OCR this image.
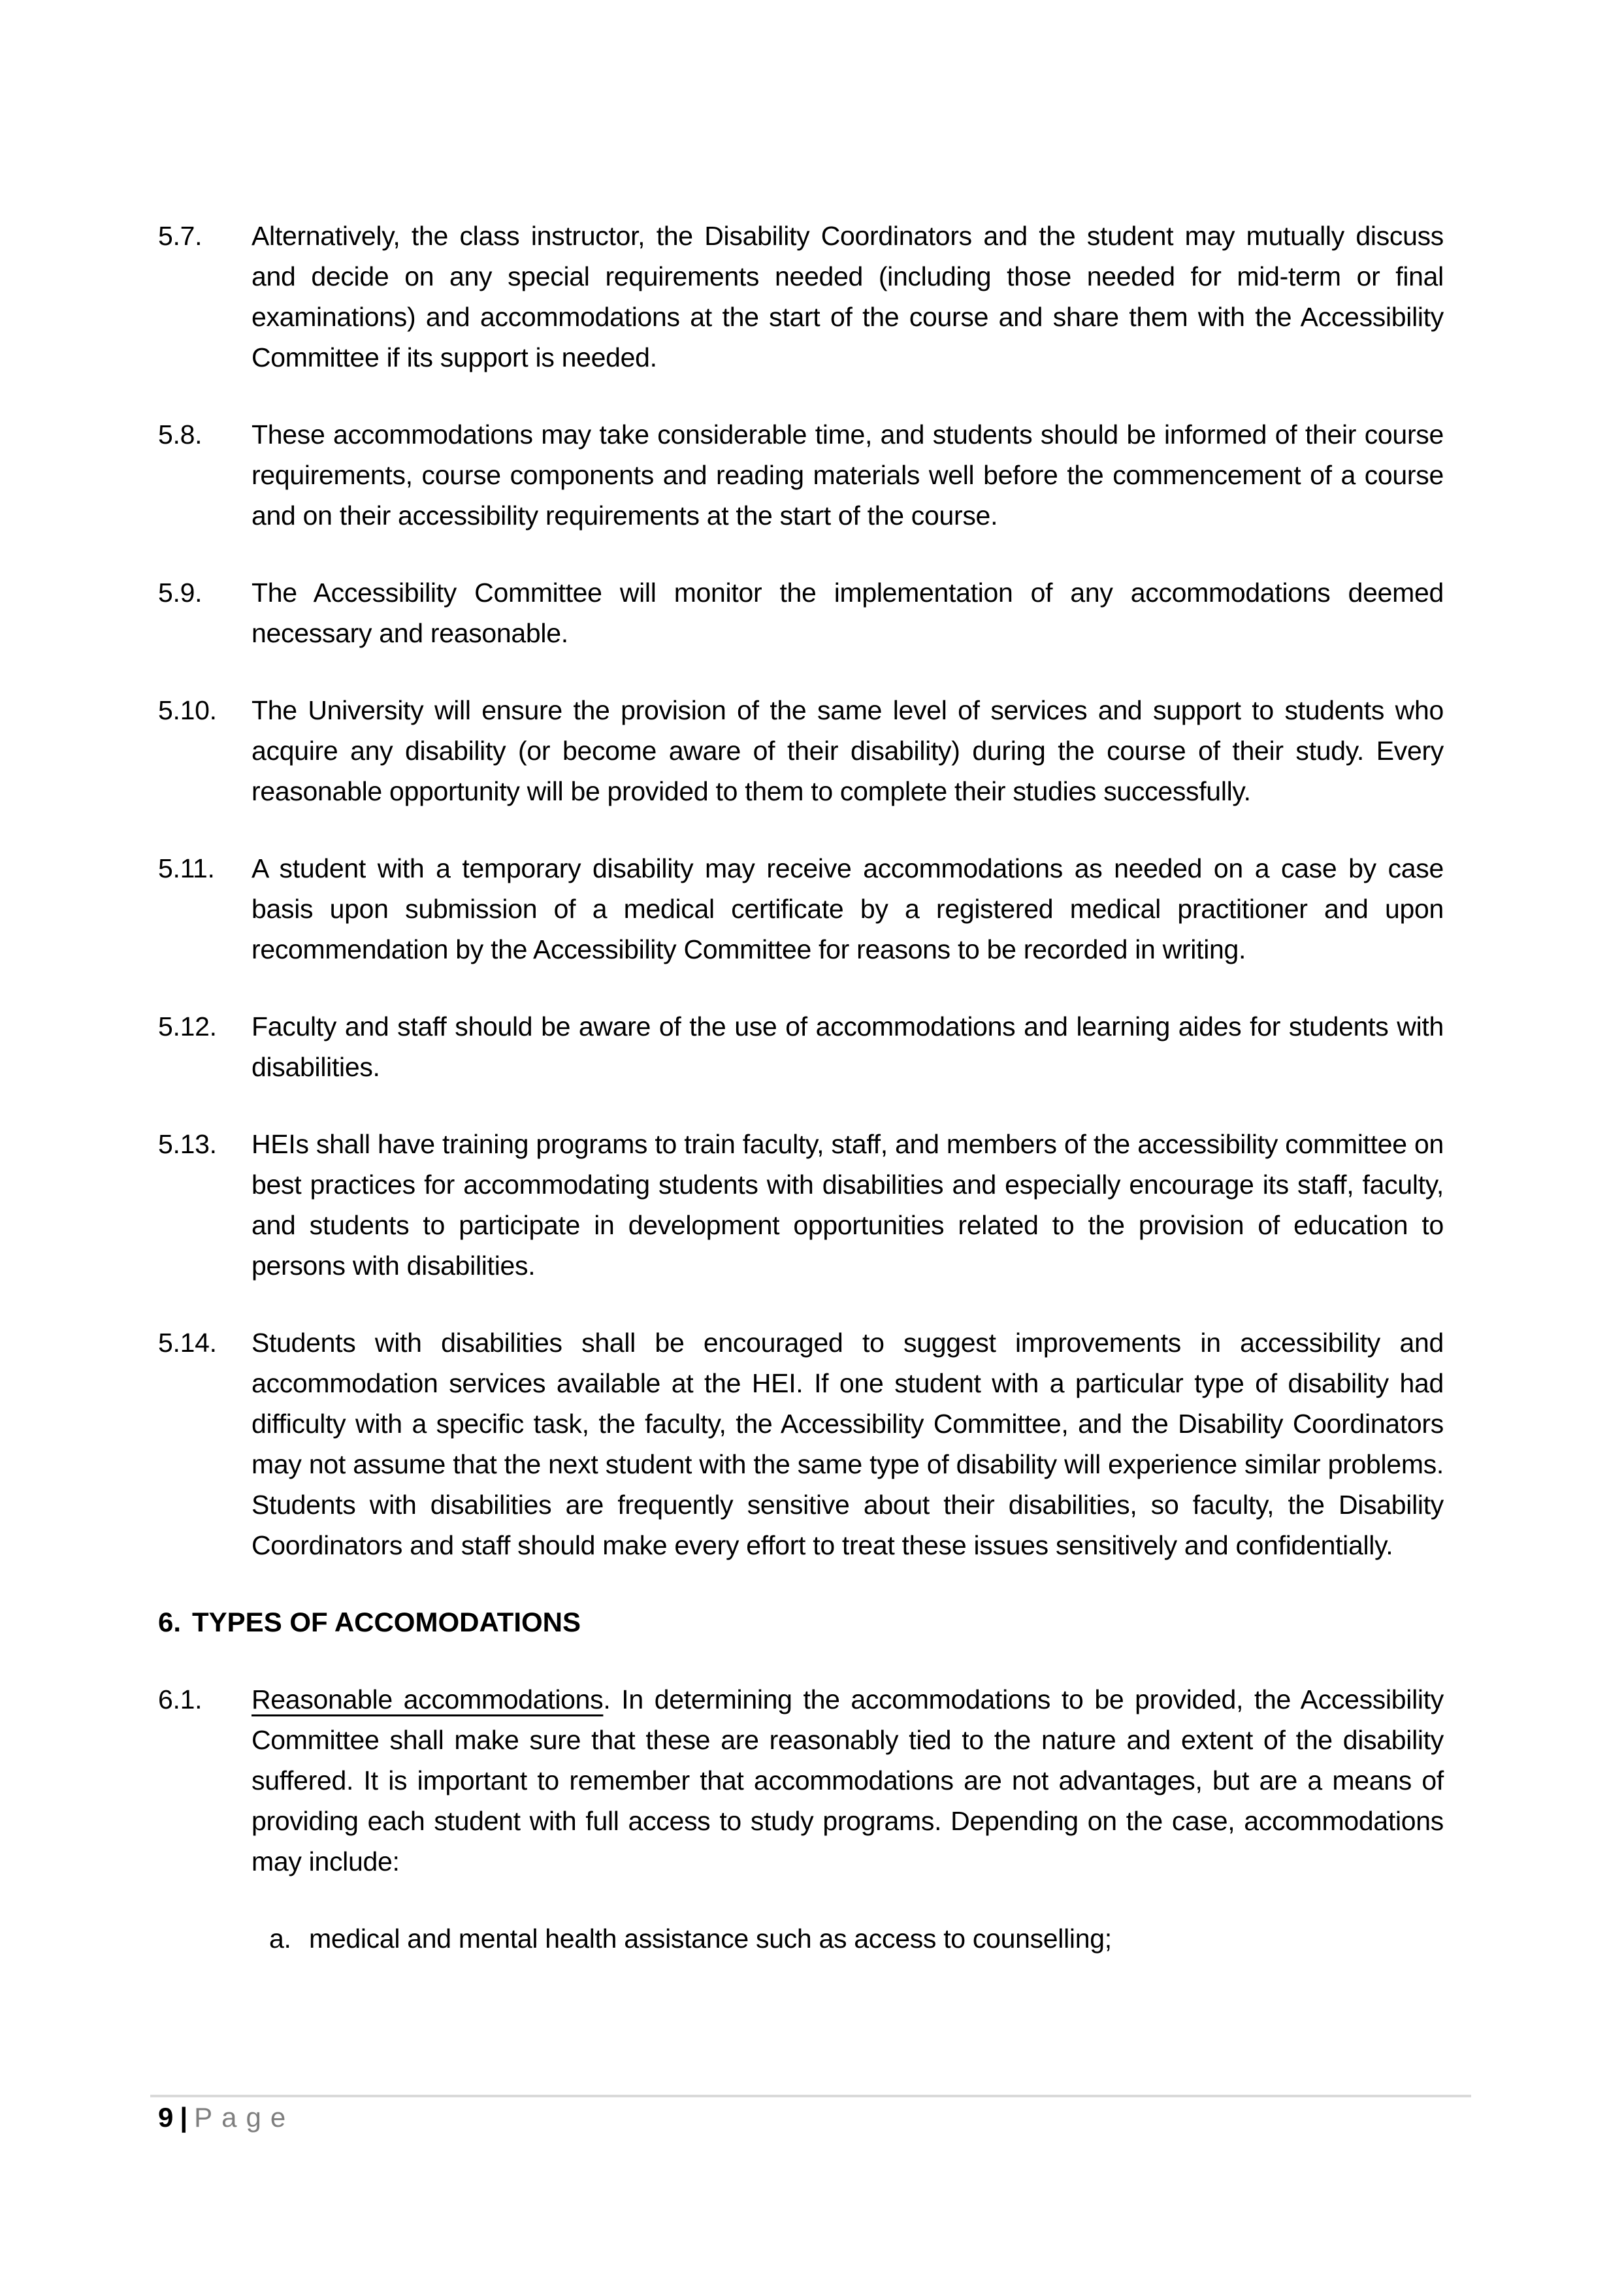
5.7.	Alternatively, the class instructor, the Disability Coordinators and the student may mutually discuss and decide on any special requirements needed (including those needed for mid-term or final examinations) and accommodations at the start of the course and share them with the Accessibility Committee if its support is needed.
5.8.	These accommodations may take considerable time, and students should be informed of their course requirements, course components and reading materials well before the commencement of a course and on their accessibility requirements at the start of the course.
5.9.	The Accessibility Committee will monitor the implementation of any accommodations deemed necessary and reasonable.
5.10.	The University will ensure the provision of the same level of services and support to students who acquire any disability (or become aware of their disability) during the course of their study. Every reasonable opportunity will be provided to them to complete their studies successfully.
5.11.	A student with a temporary disability may receive accommodations as needed on a case by case basis upon submission of a medical certificate by a registered medical practitioner and upon recommendation by the Accessibility Committee for reasons to be recorded in writing.
5.12.	Faculty and staff should be aware of the use of accommodations and learning aides for students with disabilities.
5.13.	HEIs shall have training programs to train faculty, staff, and members of the accessibility committee on best practices for accommodating students with disabilities and especially encourage its staff, faculty, and students to participate in development opportunities related to the provision of education to persons with disabilities.
5.14.	Students with disabilities shall be encouraged to suggest improvements in accessibility and accommodation services available at the HEI. If one student with a particular type of disability had difficulty with a specific task, the faculty, the Accessibility Committee, and the Disability Coordinators may not assume that the next student with the same type of disability will experience similar problems. Students with disabilities are frequently sensitive about their disabilities, so faculty, the Disability Coordinators and staff should make every effort to treat these issues sensitively and confidentially.
6. TYPES OF ACCOMODATIONS
6.1.	Reasonable accommodations. In determining the accommodations to be provided, the Accessibility Committee shall make sure that these are reasonably tied to the nature and extent of the disability suffered. It is important to remember that accommodations are not advantages, but are a means of providing each student with full access to study programs. Depending on the case, accommodations may include:
a. medical and mental health assistance such as access to counselling;
9 | Page
